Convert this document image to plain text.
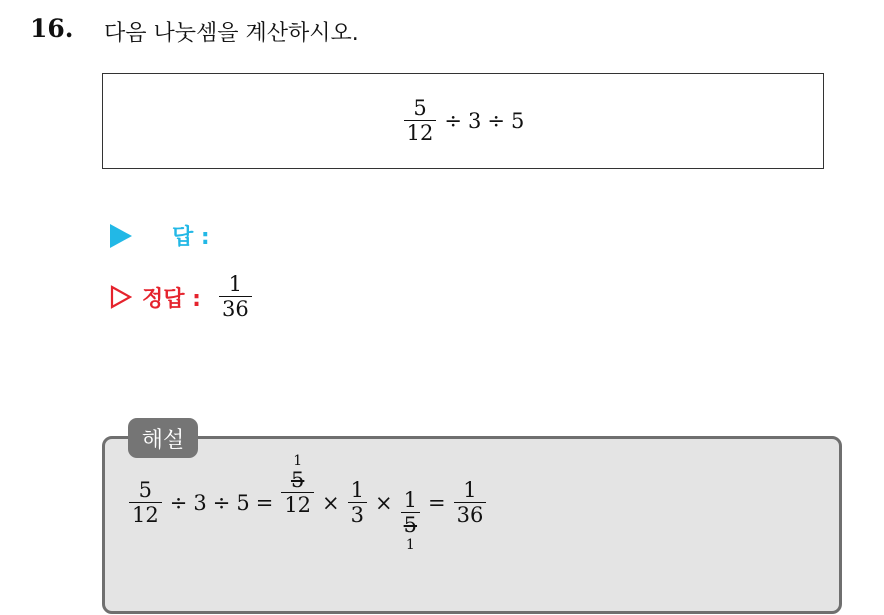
16. 다음 나눗셈을 계산하시오.
$\frac{5}{12} \div 3 \div 5$
답 :
정답 : $\frac{1}{36}$
해설
$\frac{5}{12} \div 3 \div 5$ =
1
$\frac{5}{12} \times \frac{1}{3} \times \frac{1}{5}$
1
= $\frac{1}{36}$
